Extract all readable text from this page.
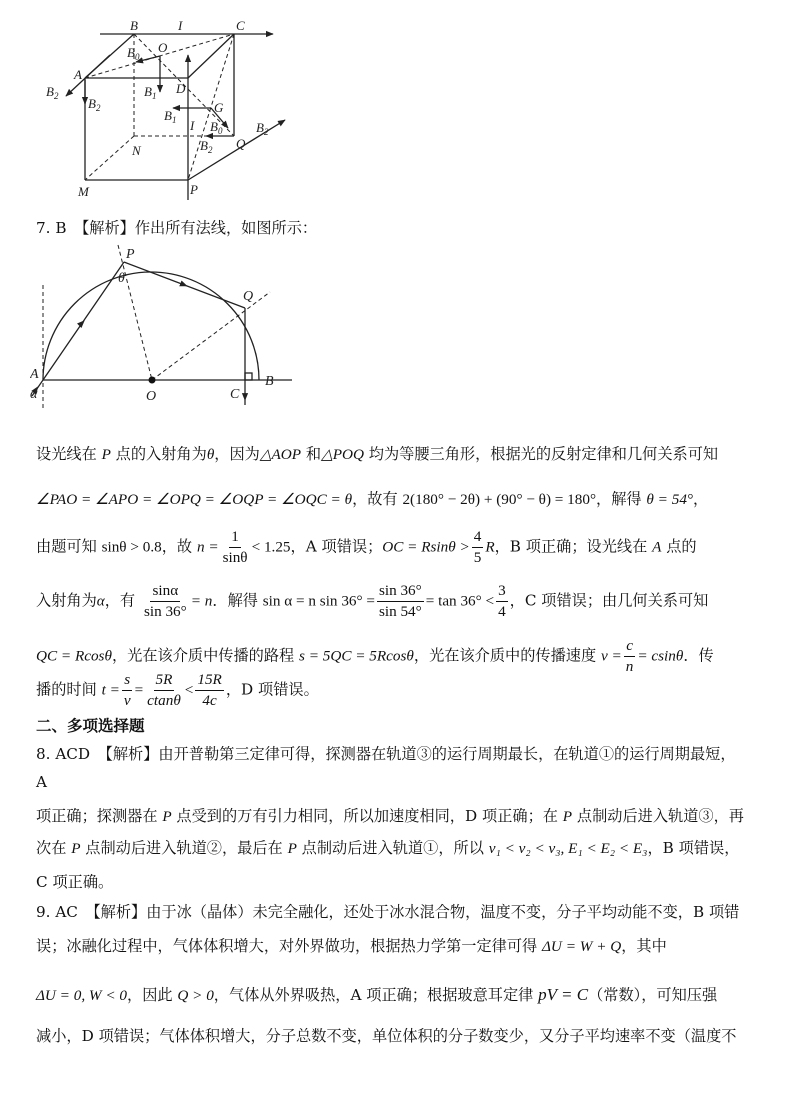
B	I	C
O
$B_0$
A
D
$B_2$ $B_2$
$B_1$
G
$B_1$ I $B_0$	$B_2$
N	$B_2$ Q
M	P
7. B　【解析】作出所有法线，如图所示：
P
θ
Q
A
α	O	C
B
设光线在 P 点的入射角为θ，因为△AOP 和△POQ 均为等腰三角形，根据光的反射定律和几何关系可知
∠PAO = ∠APO = ∠OPQ = ∠OQP = ∠OQC = θ，故有 2(180° − 2θ) + (90° − θ) = 180°，解得 θ = 54°，
由题可知 sinθ > 0.8，故 $n = \frac{1}{\sin\theta} < 1.25$，A 项错误；OC = $Rsin\theta > \frac{4}{5}$ R，B 项正确；设光线在 A 点的
入射角为α，有 $\frac{\sin\alpha}{\sin 36^\circ} = n$．解得 sin α = n $\sin 36^\circ = \frac{\sin 36^\circ}{\sin 54^\circ} = \tan 36^\circ < \frac{3}{4}$ ，C 项错误；由几何关系可知
QC = Rcosθ，光在该介质中传播的路程 s = 5QC = 5Rcosθ，光在该介质中的传播速度 $v = \frac{c}{n} = csin\theta$．传
播的时间 $t = \frac{s}{v} = \frac{5R}{ctan\theta} < \frac{15R}{4c}$ ，D 项错误。
二、多项选择题
8. ACD　【解析】由开普勒第三定律可得，探测器在轨道③的运行周期最长，在轨道①的运行周期最短，
A
项正确；探测器在 P 点受到的万有引力相同，所以加速度相同，D 项正确；在 P 点制动后进入轨道③，再
次在 P 点制动后进入轨道②，最后在 P 点制动后进入轨道①，所以 v₁ < v₂ < v₃, E₁ < E₂ < E₃，B 项错误，
C 项正确。
9. AC　【解析】由于冰（晶体）未完全融化，还处于冰水混合物，温度不变，分子平均动能不变，B 项错
误；冰融化过程中，气体体积增大，对外界做功，根据热力学第一定律可得 ΔU = W + Q，其中
ΔU = 0, W < 0，因此 Q > 0，气体从外界吸热，A 项正确；根据玻意耳定律 pV = C（常数），可知压强
减小，D 项错误；气体体积增大，分子总数不变，单位体积的分子数变少，又分子平均速率不变（温度不
